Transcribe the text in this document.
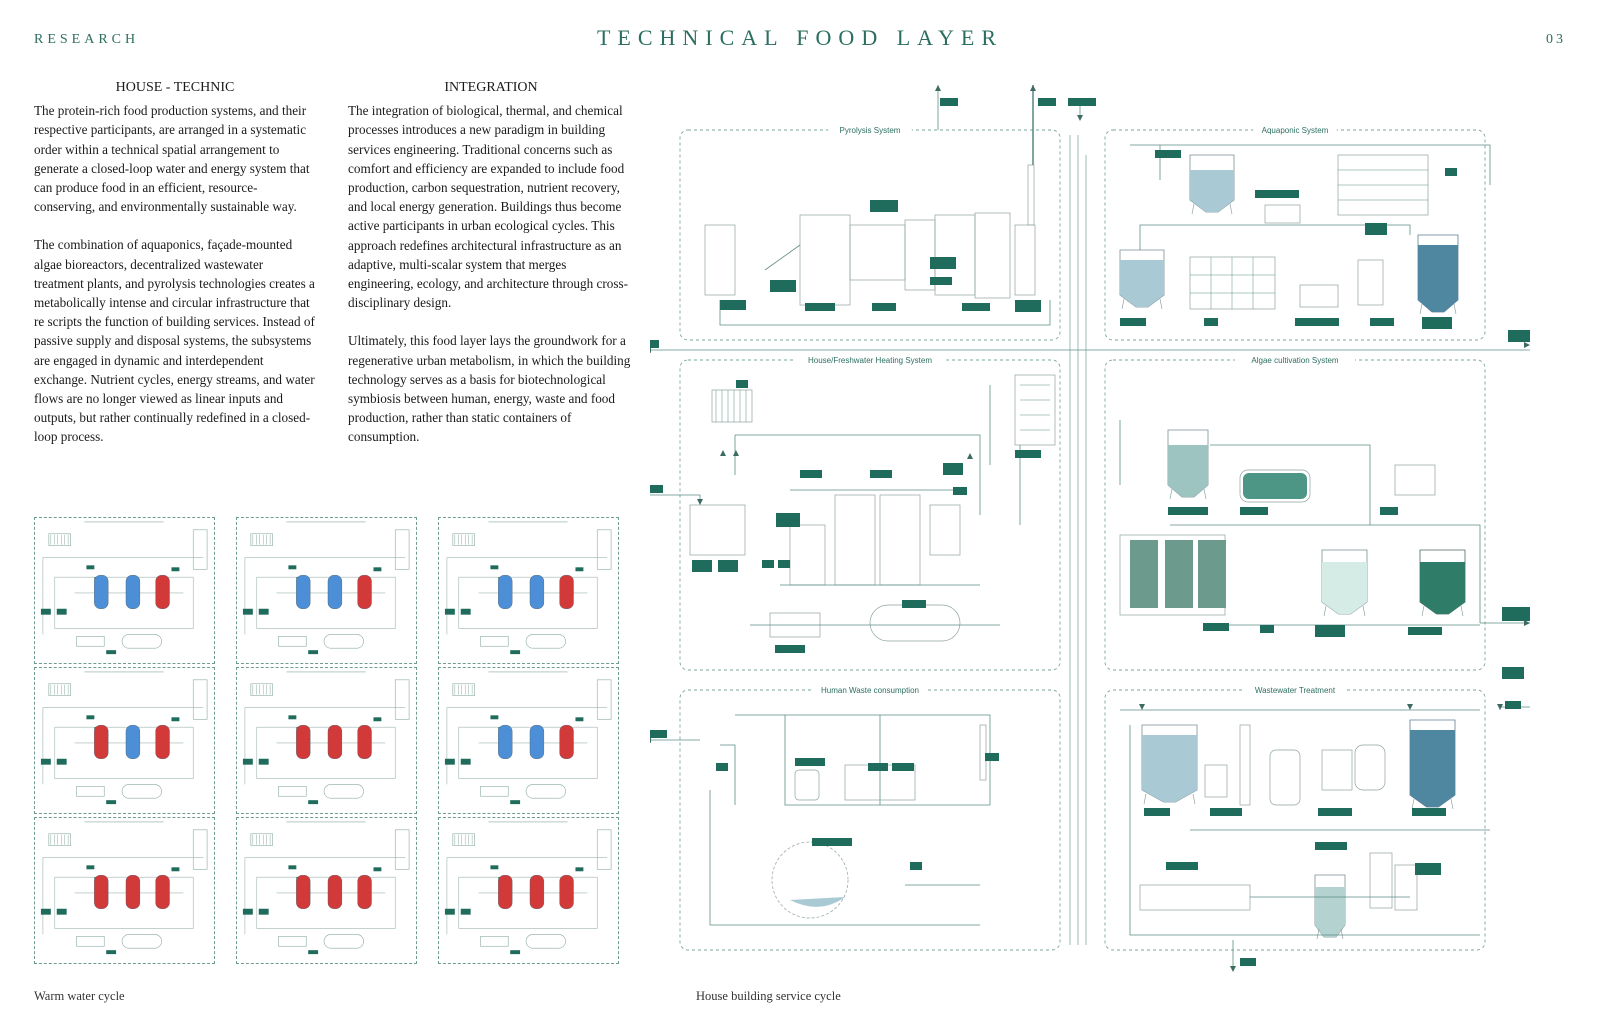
RESEARCH	TECHNICAL FOOD LAYER	03
HOUSE - TECHNIC

The protein-rich food production systems, and their respective participants, are arranged in a systematic order within a technical spatial arrangement to generate a closed-loop water and energy system that can produce food in an efficient, resource-conserving, and environmentally sustainable way.

The combination of aquaponics, façade-mounted algae bioreactors, decentralized wastewater treatment plants, and pyrolysis technologies creates a metabolically intense and circular infrastructure that re scripts the function of building services. Instead of passive supply and disposal systems, the subsystems are engaged in dynamic and interdependent exchange. Nutrient cycles, energy streams, and water flows are no longer viewed as linear inputs and outputs, but rather continually redefined in a closed-loop process.

INTEGRATION

The integration of biological, thermal, and chemical processes introduces a new paradigm in building services engineering. Traditional concerns such as comfort and efficiency are expanded to include food production, carbon sequestration, nutrient recovery, and local energy generation. Buildings thus become active participants in urban ecological cycles. This approach redefines architectural infrastructure as an adaptive, multi-scalar system that merges engineering, ecology, and architecture through cross-disciplinary design.

Ultimately, this food layer lays the groundwork for a regenerative urban metabolism, in which the building technology serves as a basis for biotechnological symbiosis between human, energy, waste and food production, rather than static containers of consumption.

Warm water cycle
Pyrolysis System	Aquaponic System
House/Freshwater Heating System	Algae cultivation System
Human Waste consumption	Wastewater Treatment
House building service cycle
